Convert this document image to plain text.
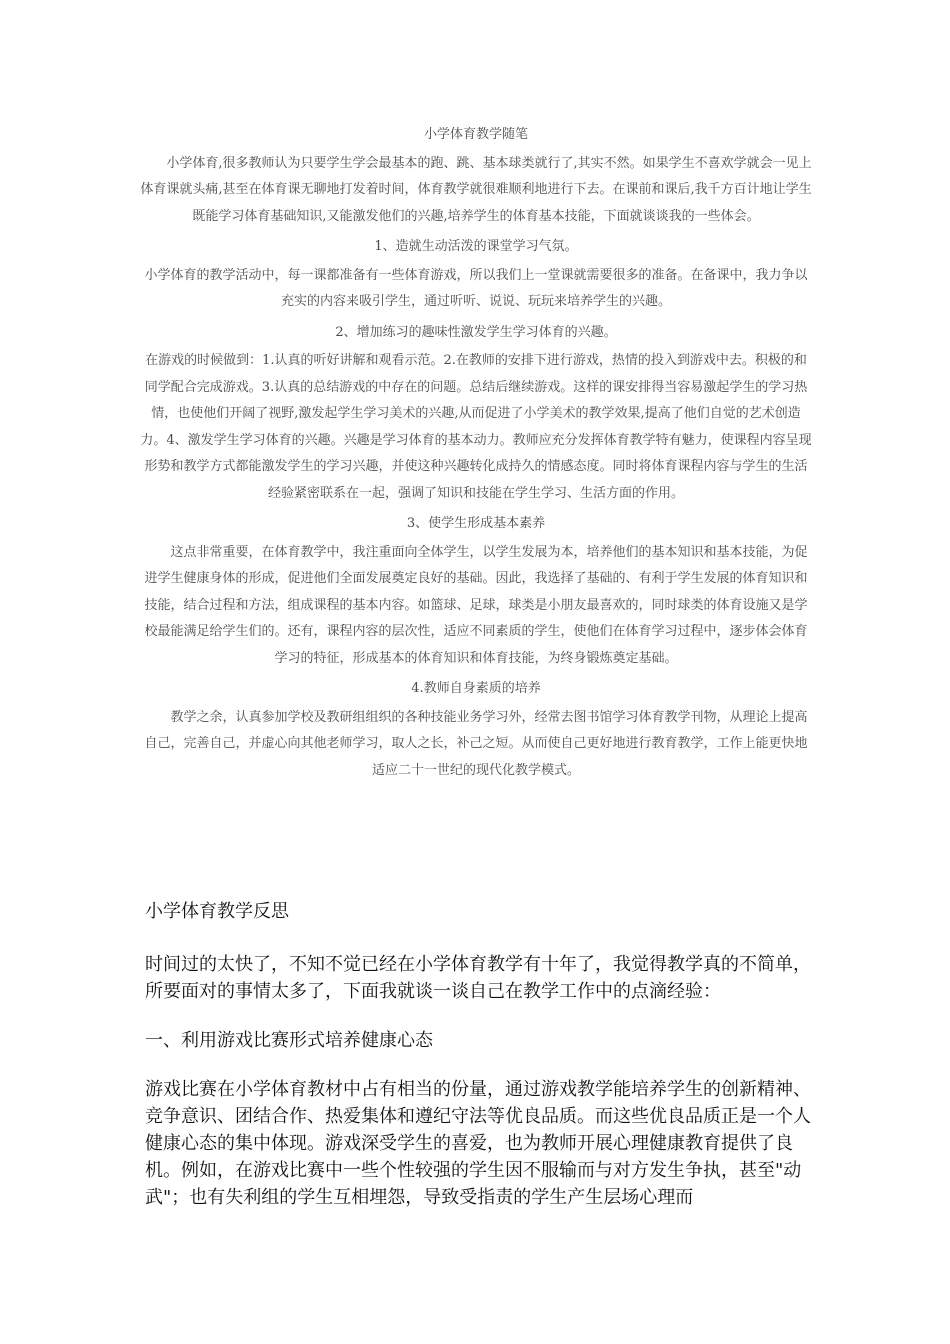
小学体育教学随笔

小学体育,很多教师认为只要学生学会最基本的跑、跳、基本球类就行了,其实不然。如果学生不喜欢学就会一见上体育课就头痛,甚至在体育课无聊地打发着时间，体育教学就很难顺利地进行下去。在课前和课后,我千方百计地让学生既能学习体育基础知识,又能激发他们的兴趣,培养学生的体育基本技能，下面就谈谈我的一些体会。

1、造就生动活泼的课堂学习气氛。

小学体育的教学活动中，每一课都准备有一些体育游戏，所以我们上一堂课就需要很多的准备。在备课中，我力争以充实的内容来吸引学生，通过听听、说说、玩玩来培养学生的兴趣。

2、增加练习的趣味性激发学生学习体育的兴趣。

在游戏的时候做到：1.认真的听好讲解和观看示范。2.在教师的安排下进行游戏，热情的投入到游戏中去。积极的和同学配合完成游戏。3.认真的总结游戏的中存在的问题。总结后继续游戏。这样的课安排得当容易激起学生的学习热情，也使他们开阔了视野,激发起学生学习美术的兴趣,从而促进了小学美术的教学效果,提高了他们自觉的艺术创造力。4、激发学生学习体育的兴趣。兴趣是学习体育的基本动力。教师应充分发挥体育教学特有魅力，使课程内容呈现形势和教学方式都能激发学生的学习兴趣，并使这种兴趣转化成持久的情感态度。同时将体育课程内容与学生的生活经验紧密联系在一起，强调了知识和技能在学生学习、生活方面的作用。

3、使学生形成基本素养

这点非常重要，在体育教学中，我注重面向全体学生，以学生发展为本，培养他们的基本知识和基本技能，为促进学生健康身体的形成，促进他们全面发展奠定良好的基础。因此，我选择了基础的、有利于学生发展的体育知识和技能，结合过程和方法，组成课程的基本内容。如篮球、足球，球类是小朋友最喜欢的，同时球类的体育设施又是学校最能满足给学生们的。还有，课程内容的层次性，适应不同素质的学生，使他们在体育学习过程中，逐步体会体育学习的特征，形成基本的体育知识和体育技能，为终身锻炼奠定基础。

4.教师自身素质的培养

教学之余，认真参加学校及教研组组织的各种技能业务学习外，经常去图书馆学习体育教学刊物，从理论上提高自己，完善自己，并虚心向其他老师学习，取人之长，补己之短。从而使自己更好地进行教育教学，工作上能更快地适应二十一世纪的现代化教学模式。

小学体育教学反思

时间过的太快了，不知不觉已经在小学体育教学有十年了，我觉得教学真的不简单，所要面对的事情太多了，下面我就谈一谈自己在教学工作中的点滴经验：

一、利用游戏比赛形式培养健康心态

游戏比赛在小学体育教材中占有相当的份量，通过游戏教学能培养学生的创新精神、竞争意识、团结合作、热爱集体和遵纪守法等优良品质。而这些优良品质正是一个人健康心态的集中体现。游戏深受学生的喜爱，也为教师开展心理健康教育提供了良机。例如，在游戏比赛中一些个性较强的学生因不服输而与对方发生争执，甚至"动武"；也有失利组的学生互相埋怨，导致受指责的学生产生层场心理而
